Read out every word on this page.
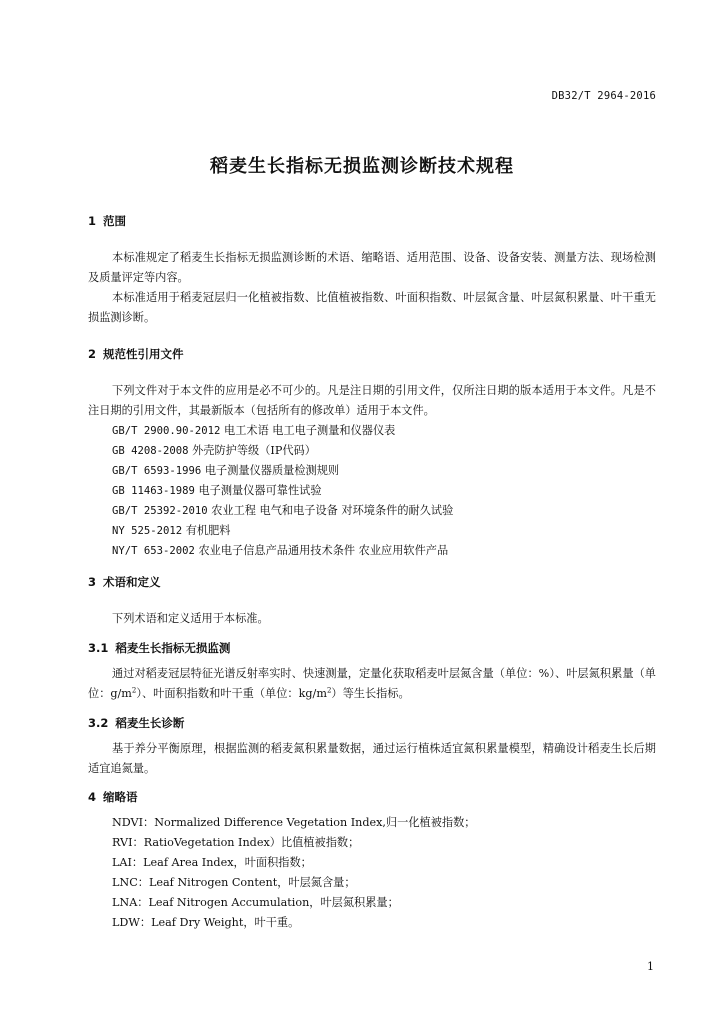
DB32/T 2964-2016
稻麦生长指标无损监测诊断技术规程
1 范围
本标准规定了稻麦生长指标无损监测诊断的术语、缩略语、适用范围、设备、设备安装、测量方法、现场检测及质量评定等内容。
本标准适用于稻麦冠层归一化植被指数、比值植被指数、叶面积指数、叶层氮含量、叶层氮积累量、叶干重无损监测诊断。
2 规范性引用文件
下列文件对于本文件的应用是必不可少的。凡是注日期的引用文件，仅所注日期的版本适用于本文件。凡是不注日期的引用文件，其最新版本（包括所有的修改单）适用于本文件。
GB/T 2900.90-2012 电工术语 电工电子测量和仪器仪表
GB 4208-2008 外壳防护等级（IP代码）
GB/T 6593-1996 电子测量仪器质量检测规则
GB 11463-1989 电子测量仪器可靠性试验
GB/T 25392-2010 农业工程 电气和电子设备 对环境条件的耐久试验
NY 525-2012 有机肥料
NY/T 653-2002 农业电子信息产品通用技术条件 农业应用软件产品
3 术语和定义
下列术语和定义适用于本标准。
3.1 稻麦生长指标无损监测
通过对稻麦冠层特征光谱反射率实时、快速测量，定量化获取稻麦叶层氮含量（单位：%）、叶层氮积累量（单位：$g/m^2$）、叶面积指数和叶干重（单位：$kg/m^2$）等生长指标。
3.2 稻麦生长诊断
基于养分平衡原理，根据监测的稻麦氮积累量数据，通过运行植株适宜氮积累量模型，精确设计稻麦生长后期适宜追氮量。
4 缩略语
NDVI：Normalized Difference Vegetation Index,归一化植被指数；
RVI：RatioVegetation Index）比值植被指数；
LAI：Leaf Area Index，叶面积指数；
LNC：Leaf Nitrogen Content，叶层氮含量；
LNA：Leaf Nitrogen Accumulation，叶层氮积累量；
LDW：Leaf Dry Weight，叶干重。
1
